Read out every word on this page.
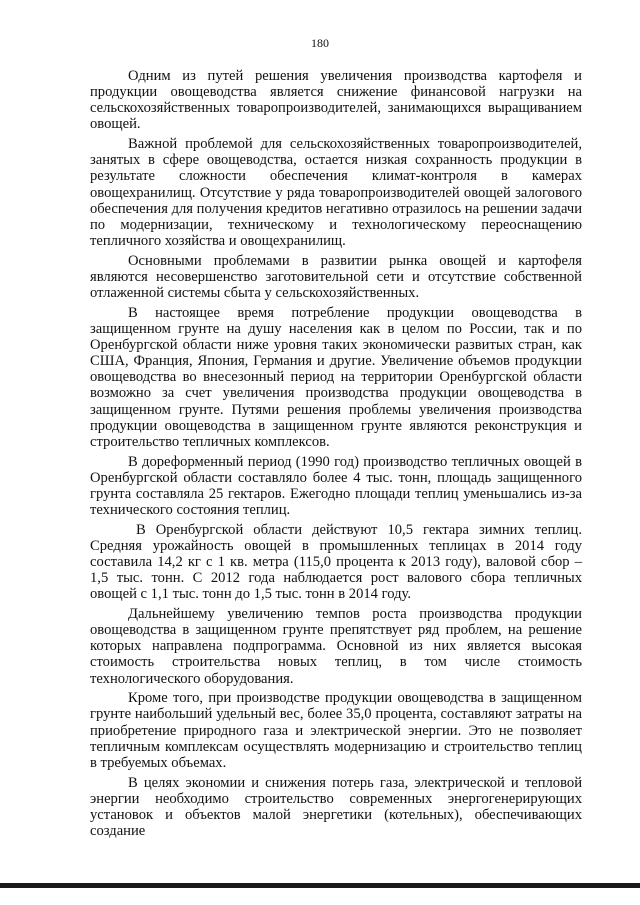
180

Одним из путей решения увеличения производства картофеля и продукции овощеводства является снижение финансовой нагрузки на сельскохозяйственных товаропроизводителей, занимающихся выращиванием овощей.

Важной проблемой для сельскохозяйственных товаропроизводителей, занятых в сфере овощеводства, остается низкая сохранность продукции в результате сложности обеспечения климат-контроля в камерах овощехранилищ. Отсутствие у ряда товаропроизводителей овощей залогового обеспечения для получения кредитов негативно отразилось на решении задачи по модернизации, техническому и технологическому переоснащению тепличного хозяйства и овощехранилищ.

Основными проблемами в развитии рынка овощей и картофеля являются несовершенство заготовительной сети и отсутствие собственной отлаженной системы сбыта у сельскохозяйственных.

В настоящее время потребление продукции овощеводства в защищенном грунте на душу населения как в целом по России, так и по Оренбургской области ниже уровня таких экономически развитых стран, как США, Франция, Япония, Германия и другие. Увеличение объемов продукции овощеводства во внесезонный период на территории Оренбургской области возможно за счет увеличения производства продукции овощеводства в защищенном грунте. Путями решения проблемы увеличения производства продукции овощеводства в защищенном грунте являются реконструкция и строительство тепличных комплексов.

В дореформенный период (1990 год) производство тепличных овощей в Оренбургской области составляло более 4 тыс. тонн, площадь защищенного грунта составляла 25 гектаров. Ежегодно площади теплиц уменьшались из-за технического состояния теплиц.

В Оренбургской области действуют 10,5 гектара зимних теплиц. Средняя урожайность овощей в промышленных теплицах в 2014 году составила 14,2 кг с 1 кв. метра (115,0 процента к 2013 году), валовой сбор – 1,5 тыс. тонн. С 2012 года наблюдается рост валового сбора тепличных овощей с 1,1 тыс. тонн до 1,5 тыс. тонн в 2014 году.

Дальнейшему увеличению темпов роста производства продукции овощеводства в защищенном грунте препятствует ряд проблем, на решение которых направлена подпрограмма. Основной из них является высокая стоимость строительства новых теплиц, в том числе стоимость технологического оборудования.

Кроме того, при производстве продукции овощеводства в защищенном грунте наибольший удельный вес, более 35,0 процента, составляют затраты на приобретение природного газа и электрической энергии. Это не позволяет тепличным комплексам осуществлять модернизацию и строительство теплиц в требуемых объемах.

В целях экономии и снижения потерь газа, электрической и тепловой энергии необходимо строительство современных энергогенерирующих установок и объектов малой энергетики (котельных), обеспечивающих создание
